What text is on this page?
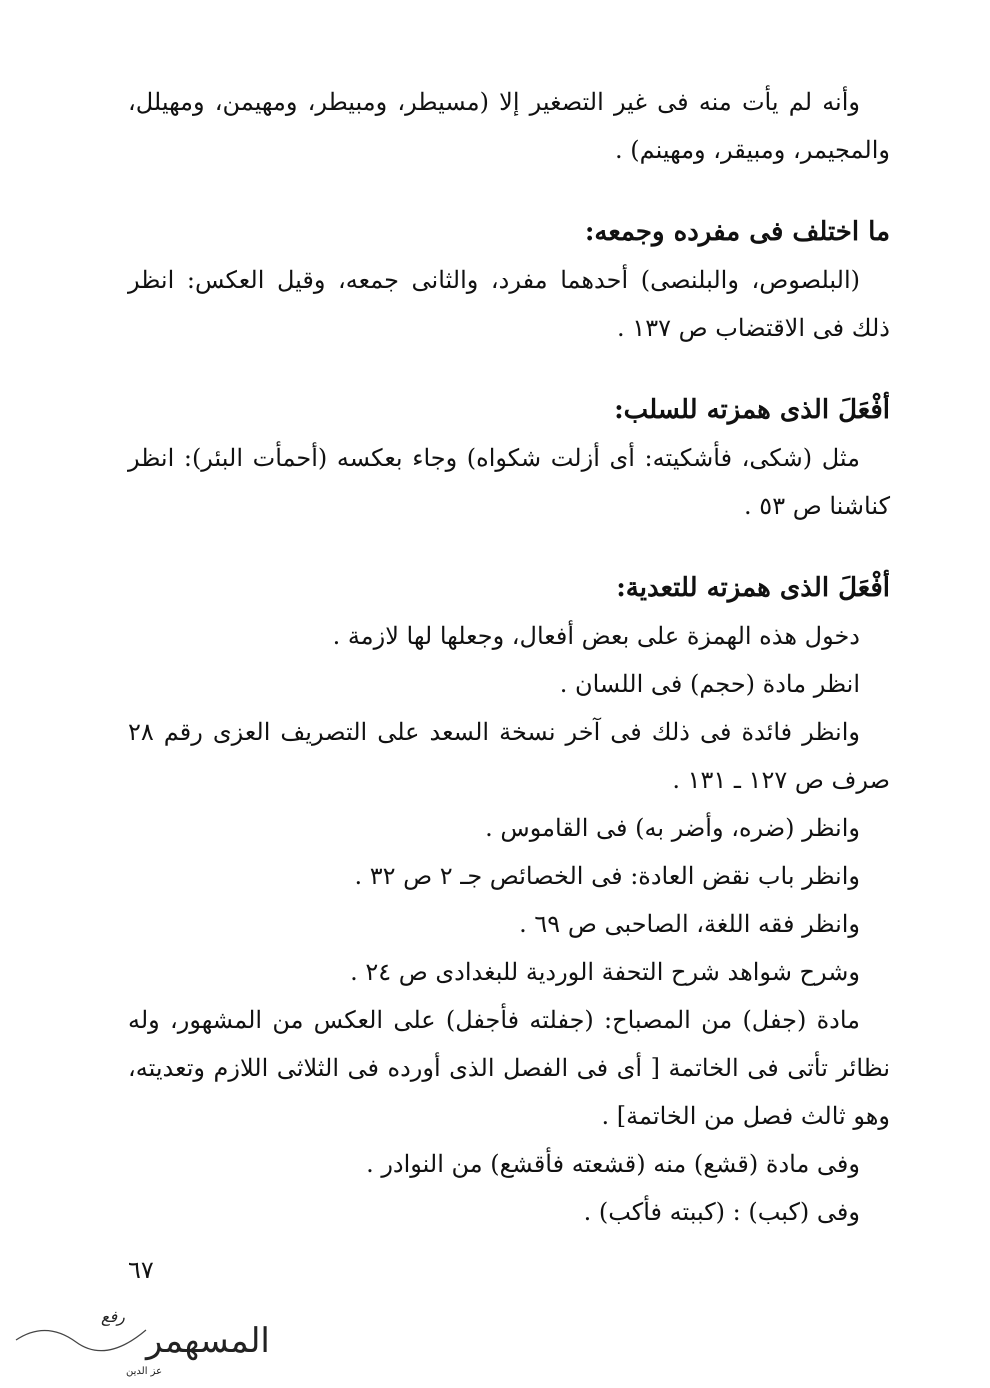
وأنه لم يأت منه فى غير التصغير إلا (مسيطر، ومبيطر، ومهيمن، ومهيلل، والمجيمر، ومبيقر، ومهينم) .

ما اختلف فى مفرده وجمعه:

(البلصوص، والبلنصى) أحدهما مفرد، والثانى جمعه، وقيل العكس: انظر ذلك فى الاقتضاب ص ١٣٧ .

أفْعَلَ الذى همزته للسلب:

مثل (شكى، فأشكيته: أى أزلت شكواه) وجاء بعكسه (أحمأت البئر): انظر كناشنا ص ٥٣ .

أفْعَلَ الذى همزته للتعدية:

دخول هذه الهمزة على بعض أفعال، وجعلها لها لازمة .

انظر مادة (حجم) فى اللسان .

وانظر فائدة فى ذلك فى آخر نسخة السعد على التصريف العزى رقم ٢٨ صرف ص ١٢٧ ـ ١٣١ .

وانظر (ضره، وأضر به) فى القاموس .

وانظر باب نقض العادة: فى الخصائص جـ ٢ ص ٣٢ .

وانظر فقه اللغة، الصاحبى ص ٦٩ .

وشرح شواهد شرح التحفة الوردية للبغدادى ص ٢٤ .

مادة (جفل) من المصباح: (جفلته فأجفل) على العكس من المشهور، وله نظائر تأتى فى الخاتمة [ أى فى الفصل الذى أورده فى الثلاثى اللازم وتعديته، وهو ثالث فصل من الخاتمة] .

وفى مادة (قشع) منه (قشعته فأقشع) من النوادر .

وفى (كبب) : (كببته فأكب) .

٦٧
رفع
المسهمر
عز الدين
